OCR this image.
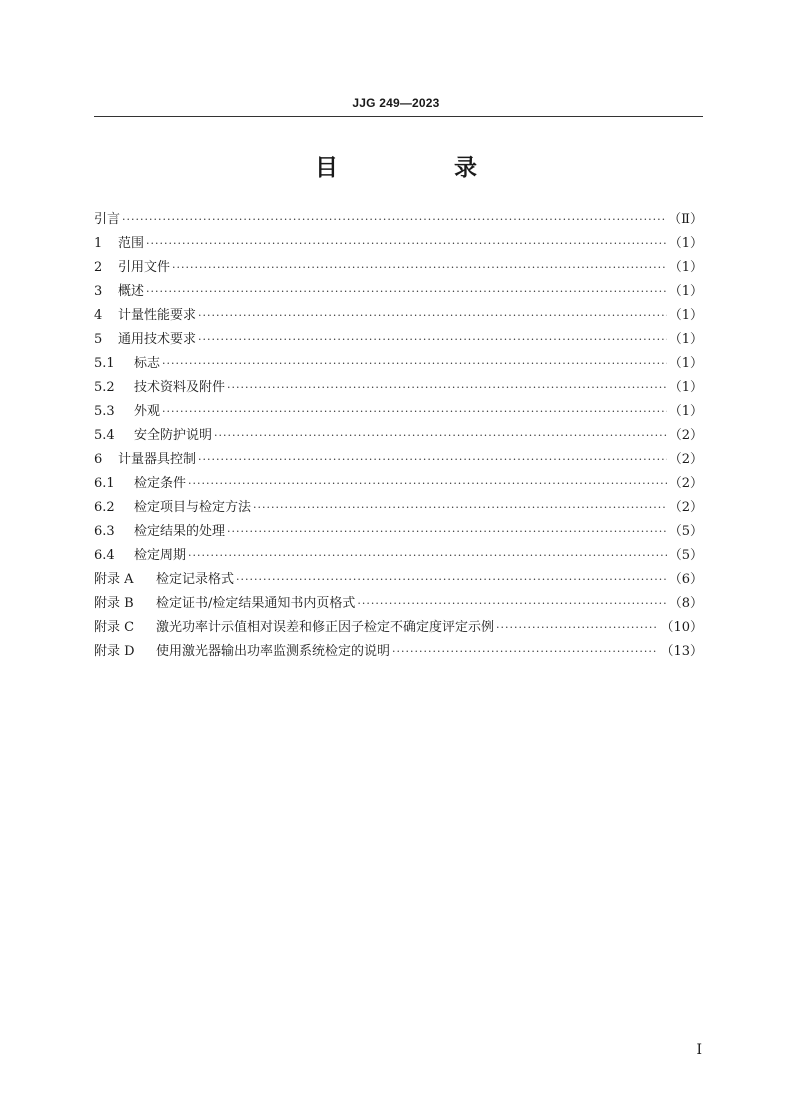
JJG 249—2023
目 录
引言 ·····	（Ⅱ）
1	范围 ·····	（1）
2	引用文件 ·····	（1）
3	概述 ·····	（1）
4	计量性能要求 ·····	（1）
5	通用技术要求 ·····	（1）
5.1	标志 ·····	（1）
5.2	技术资料及附件 ·····	（1）
5.3	外观 ·····	（1）
5.4	安全防护说明 ·····	（2）
6	计量器具控制 ·····	（2）
6.1	检定条件 ·····	（2）
6.2	检定项目与检定方法 ·····	（2）
6.3	检定结果的处理 ·····	（5）
6.4	检定周期 ·····	（5）
附录 A	检定记录格式 ·····	（6）
附录 B	检定证书/检定结果通知书内页格式 ·····	（8）
附录 C	激光功率计示值相对误差和修正因子检定不确定度评定示例 ·····	（10）
附录 D	使用激光器输出功率监测系统检定的说明 ·····	（13）
I
